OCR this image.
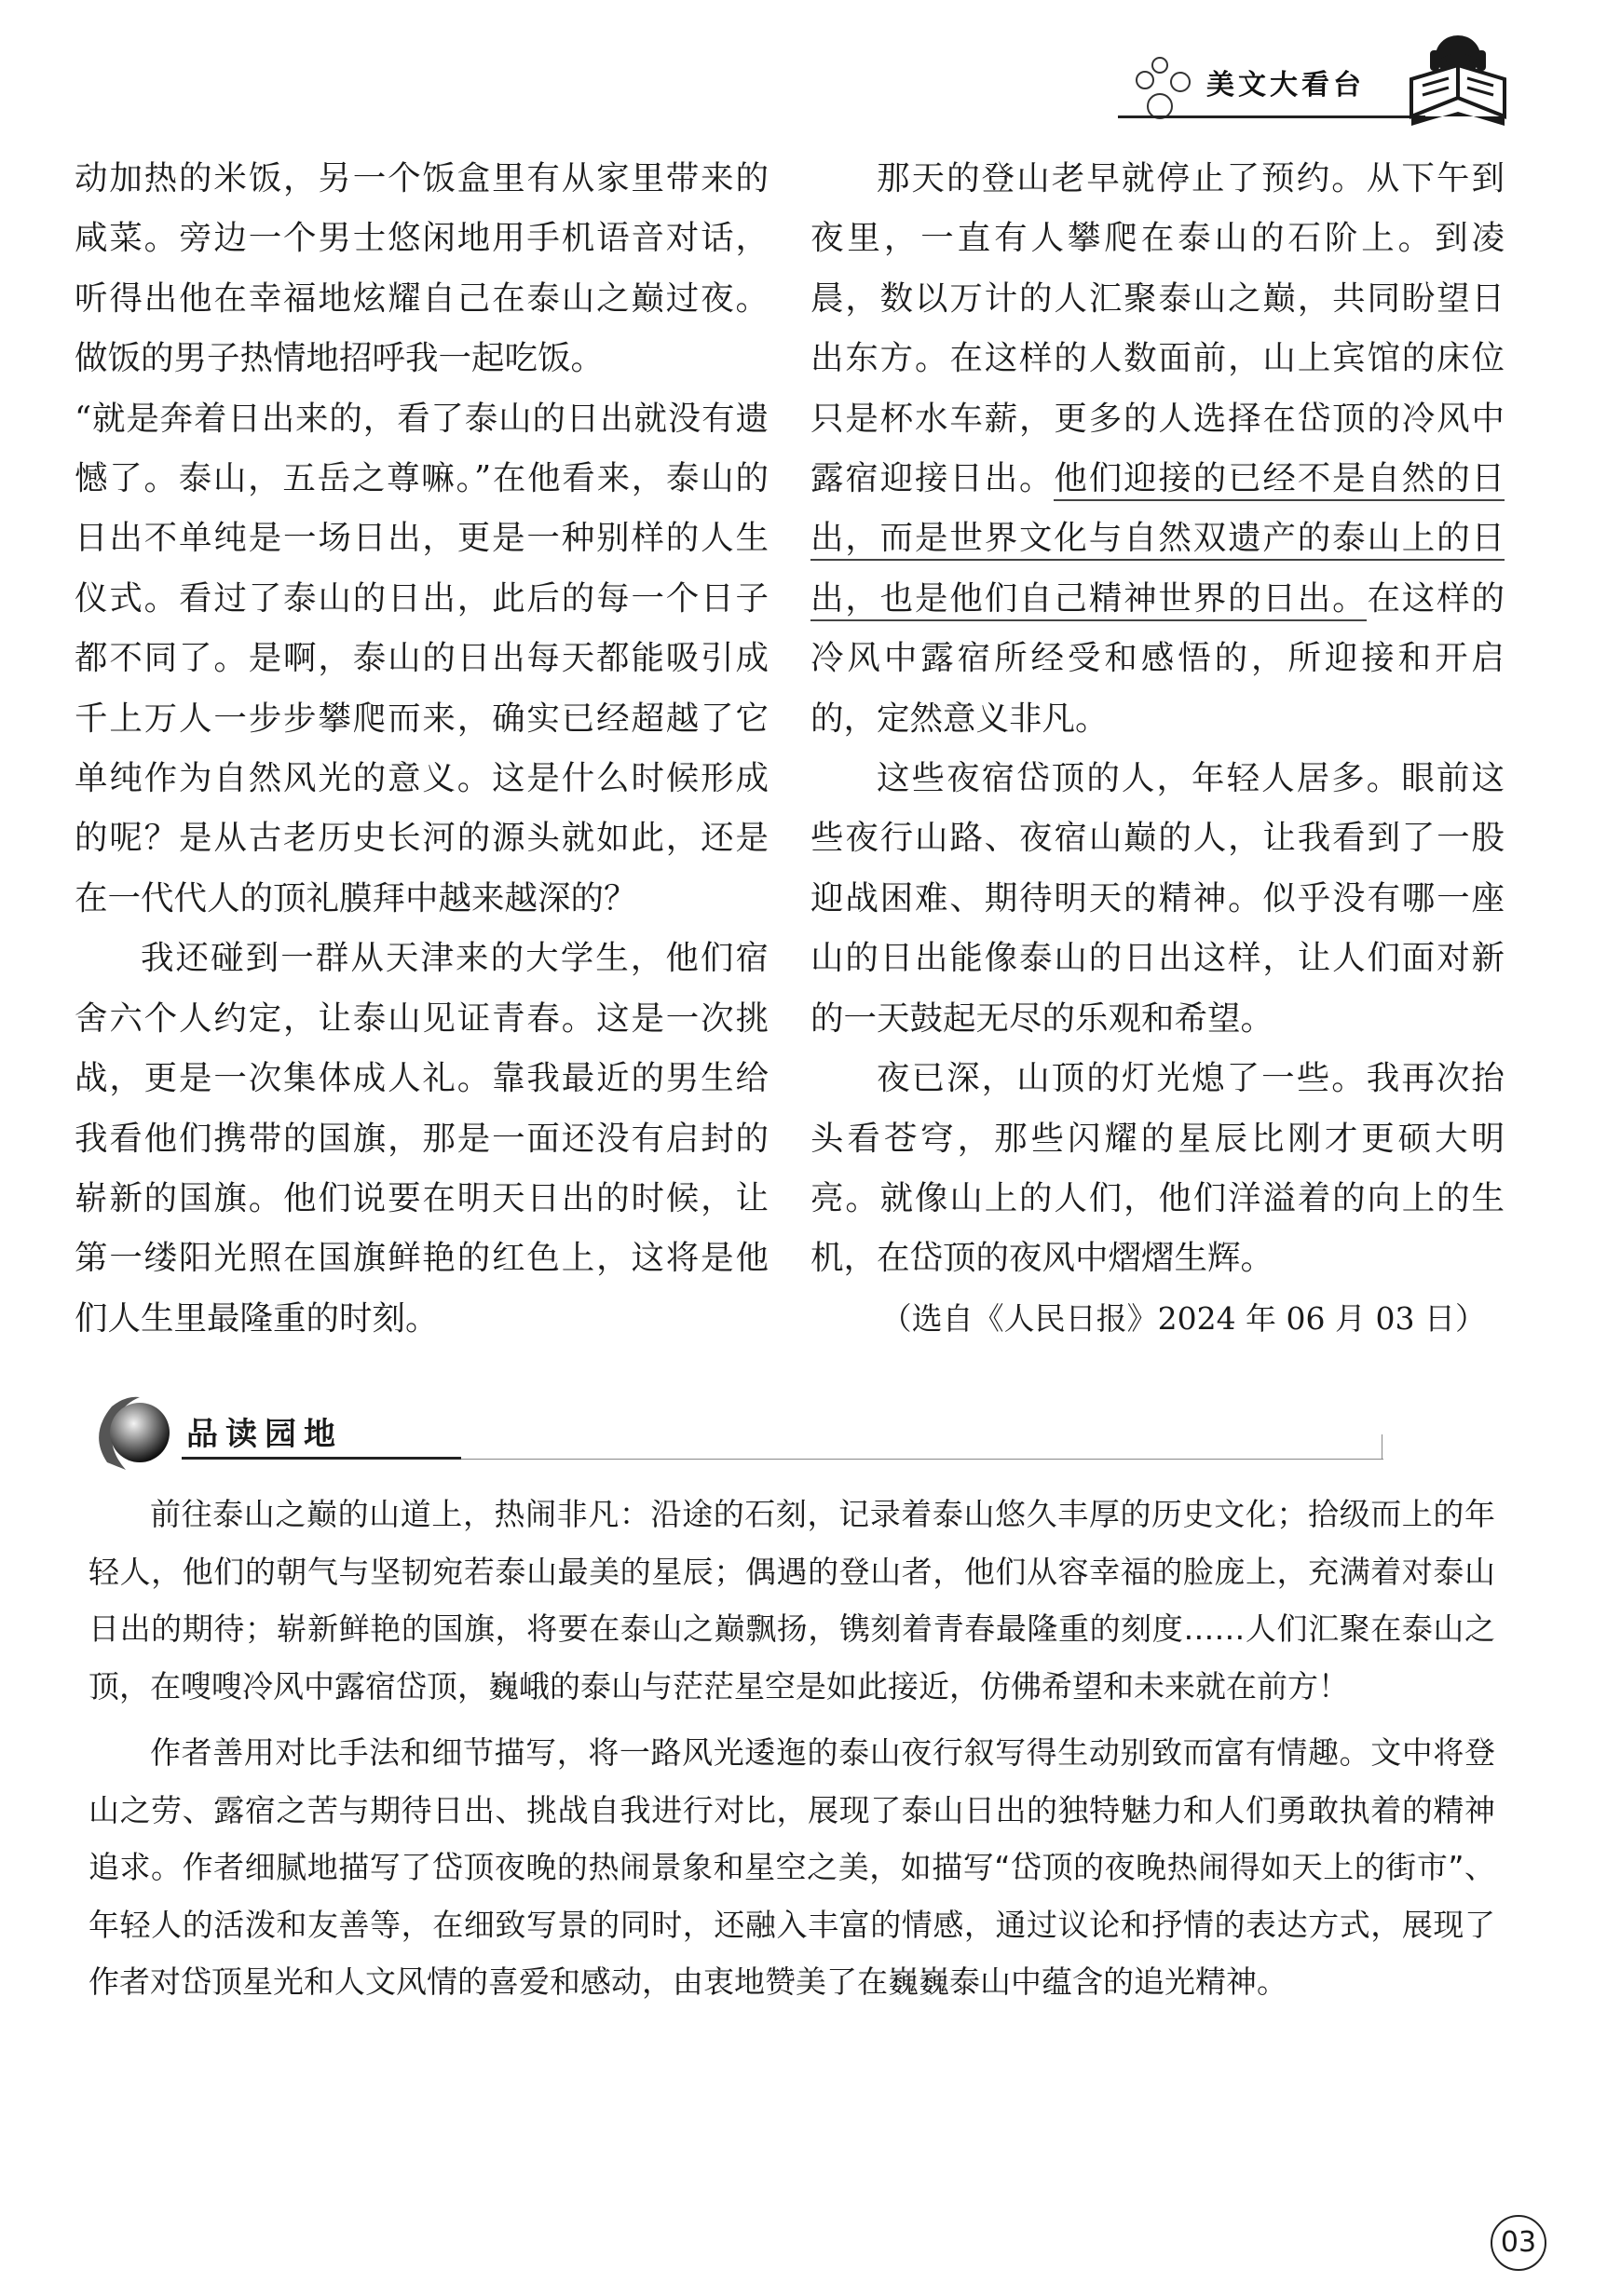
美文大看台

动加热的米饭，另一个饭盒里有从家里带来的咸菜。旁边一个男士悠闲地用手机语音对话，听得出他在幸福地炫耀自己在泰山之巅过夜。做饭的男子热情地招呼我一起吃饭。

“就是奔着日出来的，看了泰山的日出就没有遗憾了。泰山，五岳之尊嘛。”在他看来，泰山的日出不单纯是一场日出，更是一种别样的人生仪式。看过了泰山的日出，此后的每一个日子都不同了。是啊，泰山的日出每天都能吸引成千上万人一步步攀爬而来，确实已经超越了它单纯作为自然风光的意义。这是什么时候形成的呢？是从古老历史长河的源头就如此，还是在一代代人的顶礼膜拜中越来越深的？

我还碰到一群从天津来的大学生，他们宿舍六个人约定，让泰山见证青春。这是一次挑战，更是一次集体成人礼。靠我最近的男生给我看他们携带的国旗，那是一面还没有启封的崭新的国旗。他们说要在明天日出的时候，让第一缕阳光照在国旗鲜艳的红色上，这将是他们人生里最隆重的时刻。

那天的登山老早就停止了预约。从下午到夜里，一直有人攀爬在泰山的石阶上。到凌晨，数以万计的人汇聚泰山之巅，共同盼望日出东方。在这样的人数面前，山上宾馆的床位只是杯水车薪，更多的人选择在岱顶的冷风中露宿迎接日出。他们迎接的已经不是自然的日出，而是世界文化与自然双遗产的泰山上的日出，也是他们自己精神世界的日出。在这样的冷风中露宿所经受和感悟的，所迎接和开启的，定然意义非凡。

这些夜宿岱顶的人，年轻人居多。眼前这些夜行山路、夜宿山巅的人，让我看到了一股迎战困难、期待明天的精神。似乎没有哪一座山的日出能像泰山的日出这样，让人们面对新的一天鼓起无尽的乐观和希望。

夜已深，山顶的灯光熄了一些。我再次抬头看苍穹，那些闪耀的星辰比刚才更硕大明亮。就像山上的人们，他们洋溢着的向上的生机，在岱顶的夜风中熠熠生辉。

（选自《人民日报》2024 年 06 月 03 日）
品读园地

前往泰山之巅的山道上，热闹非凡：沿途的石刻，记录着泰山悠久丰厚的历史文化；拾级而上的年轻人，他们的朝气与坚韧宛若泰山最美的星辰；偶遇的登山者，他们从容幸福的脸庞上，充满着对泰山日出的期待；崭新鲜艳的国旗，将要在泰山之巅飘扬，镌刻着青春最隆重的刻度……人们汇聚在泰山之顶，在嗖嗖冷风中露宿岱顶，巍峨的泰山与茫茫星空是如此接近，仿佛希望和未来就在前方！

作者善用对比手法和细节描写，将一路风光逶迤的泰山夜行叙写得生动别致而富有情趣。文中将登山之劳、露宿之苦与期待日出、挑战自我进行对比，展现了泰山日出的独特魅力和人们勇敢执着的精神追求。作者细腻地描写了岱顶夜晚的热闹景象和星空之美，如描写“岱顶的夜晚热闹得如天上的街市”、年轻人的活泼和友善等，在细致写景的同时，还融入丰富的情感，通过议论和抒情的表达方式，展现了作者对岱顶星光和人文风情的喜爱和感动，由衷地赞美了在巍巍泰山中蕴含的追光精神。

03
